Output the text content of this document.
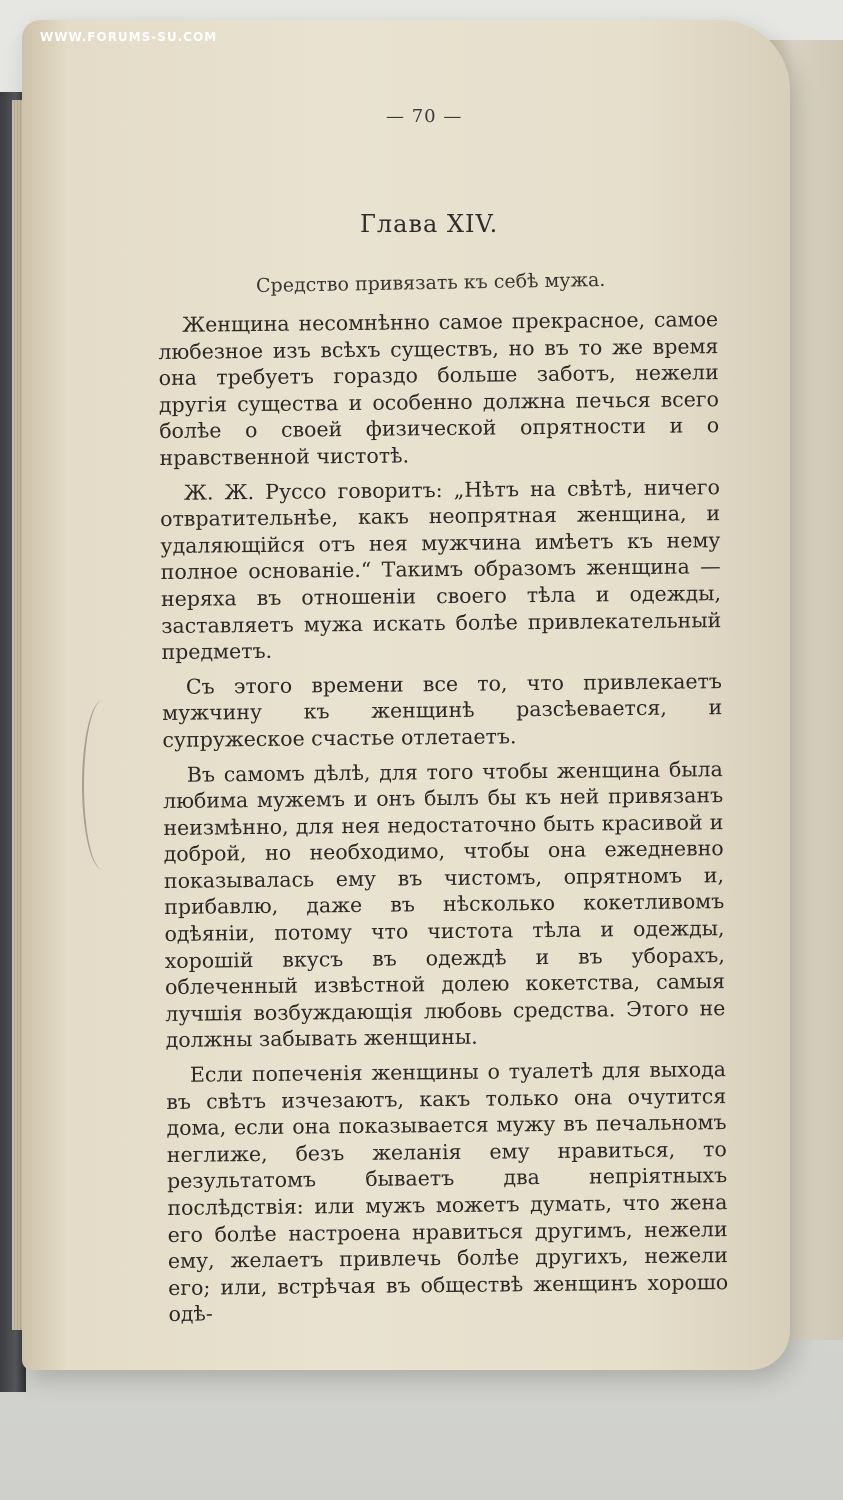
WWW.FORUMS-SU.COM
— 70 —
Глава XIV.
Средство привязать къ себѣ мужа.

Женщина несомнѣнно самое прекрасное, самое любезное изъ всѣхъ существъ, но въ то же время она требуетъ гораздо больше заботъ, нежели другія существа и особенно должна печься всего болѣе о своей физической опрятности и о нравственной чистотѣ.

Ж. Ж. Руссо говоритъ: „Нѣтъ на свѣтѣ, ничего отвратительнѣе, какъ неопрятная женщина, и удаляющійся отъ нея мужчина имѣетъ къ нему полное основаніе.“ Такимъ образомъ женщина — неряха въ отношеніи своего тѣла и одежды, заставляетъ мужа искать болѣе привлекательный предметъ.

Съ этого времени все то, что привлекаетъ мужчину къ женщинѣ разсѣевается, и супружеское счастье отлетаетъ.

Въ самомъ дѣлѣ, для того чтобы женщина была любима мужемъ и онъ былъ бы къ ней привязанъ неизмѣнно, для нея недостаточно быть красивой и доброй, но необходимо, чтобы она ежедневно показывалась ему въ чистомъ, опрятномъ и, прибавлю, даже въ нѣсколько кокетливомъ одѣяніи, потому что чистота тѣла и одежды, хорошій вкусъ въ одеждѣ и въ уборахъ, облеченный извѣстной долею кокетства, самыя лучшія возбуждающія любовь средства. Этого не должны забывать женщины.

Если попеченія женщины о туалетѣ для выхода въ свѣтъ изчезаютъ, какъ только она очутится дома, если она показывается мужу въ печальномъ неглиже, безъ желанія ему нравиться, то результатомъ бываетъ два непріятныхъ послѣдствія: или мужъ можетъ думать, что жена его болѣе настроена нравиться другимъ, нежели ему, желаетъ привлечь болѣе другихъ, нежели его; или, встрѣчая въ обществѣ женщинъ хорошо одѣ-
